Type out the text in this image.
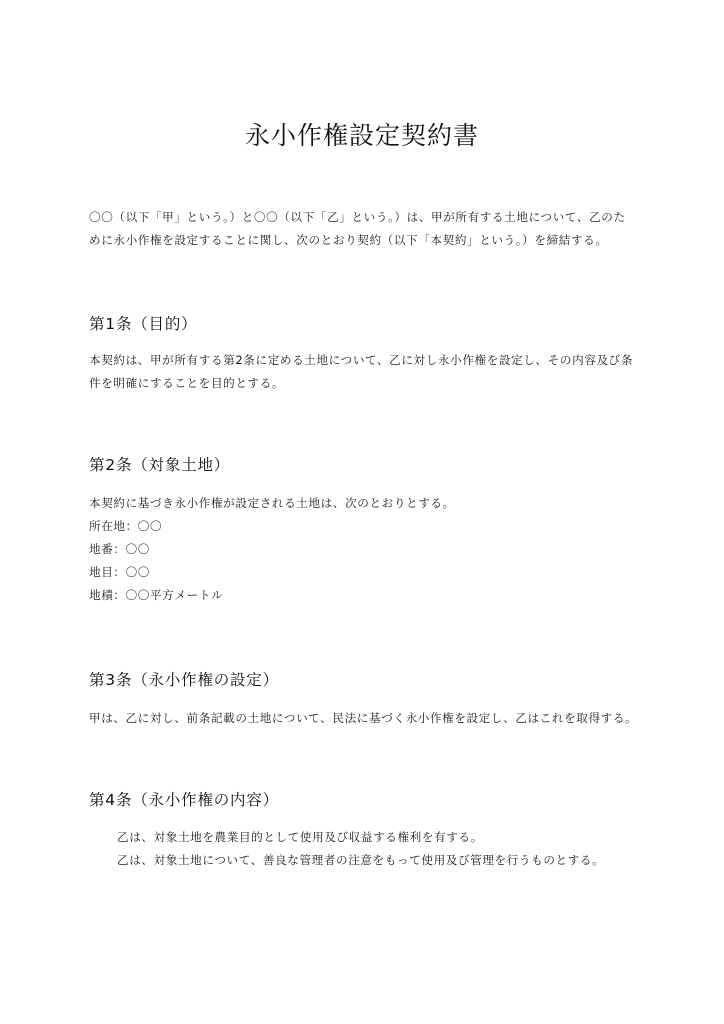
永小作権設定契約書
〇〇（以下「甲」という。）と〇〇（以下「乙」という。）は、甲が所有する土地について、乙のた
めに永小作権を設定することに関し、次のとおり契約（以下「本契約」という。）を締結する。
第1条（目的）
本契約は、甲が所有する第2条に定める土地について、乙に対し永小作権を設定し、その内容及び条
件を明確にすることを目的とする。
第2条（対象土地）
本契約に基づき永小作権が設定される土地は、次のとおりとする。
所在地：〇〇
地番：〇〇
地目：〇〇
地積：〇〇平方メートル
第3条（永小作権の設定）
甲は、乙に対し、前条記載の土地について、民法に基づく永小作権を設定し、乙はこれを取得する。
第4条（永小作権の内容）
乙は、対象土地を農業目的として使用及び収益する権利を有する。
乙は、対象土地について、善良な管理者の注意をもって使用及び管理を行うものとする。
